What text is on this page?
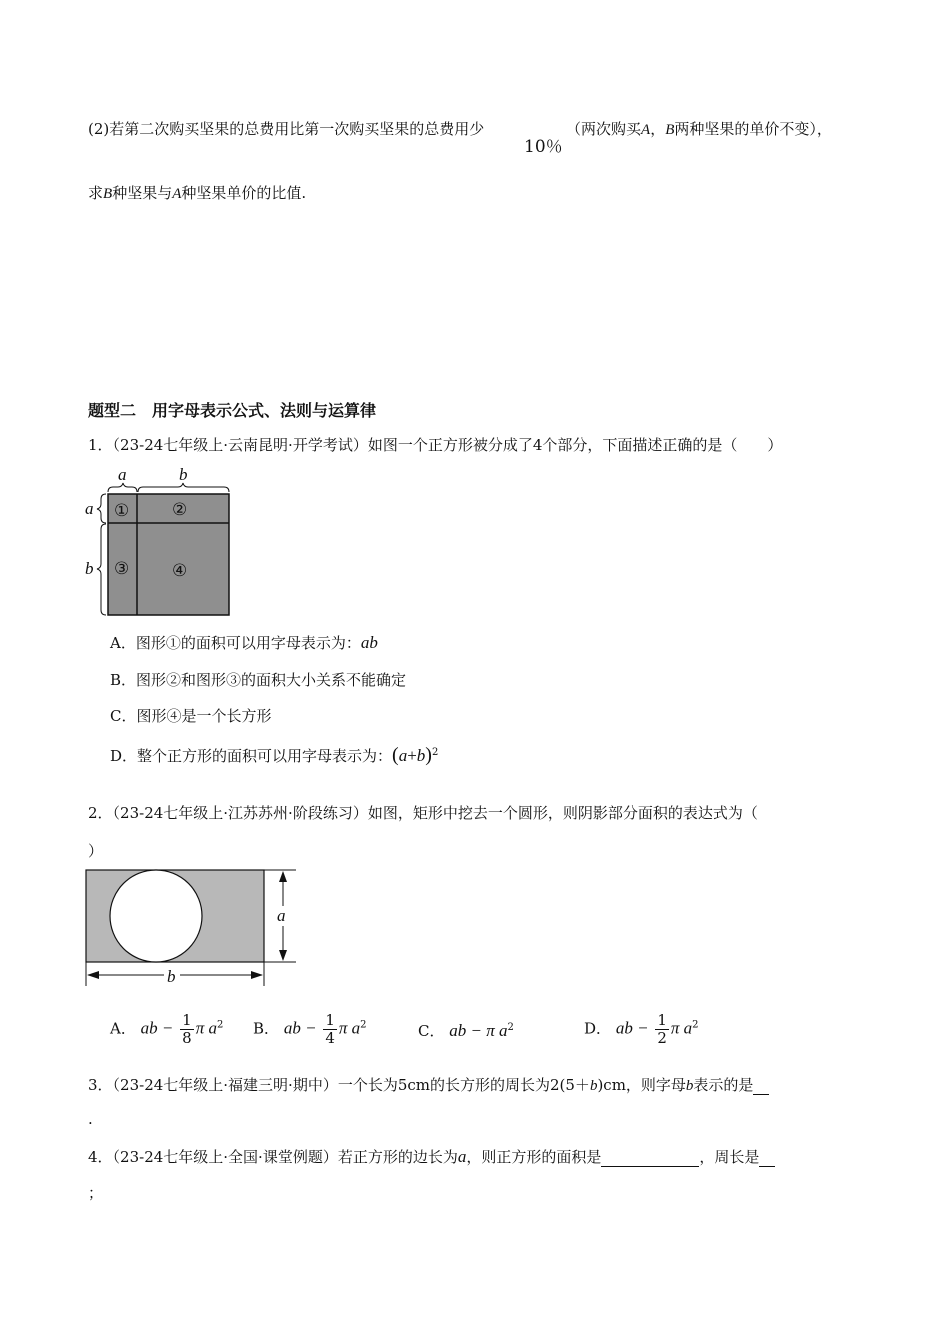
(2)若第二次购买坚果的总费用比第一次购买坚果的总费用少
10％
（两次购买A，B两种坚果的单价不变），
求B种坚果与A种坚果单价的比值.
题型二　用字母表示公式、法则与运算律
1．（23-24七年级上·云南昆明·开学考试）如图一个正方形被分成了4个部分，下面描述正确的是（　　）
a	b
a
b
①	②
③	④
A．图形①的面积可以用字母表示为：ab
B．图形②和图形③的面积大小关系不能确定
C．图形④是一个长方形
D．整个正方形的面积可以用字母表示为：$(a+b)^2$
2．（23-24七年级上·江苏苏州·阶段练习）如图，矩形中挖去一个圆形，则阴影部分面积的表达式为（
）
a
b
A． ab − $\frac{1}{8}$ π $a^2$ B． ab − $\frac{1}{4}$ π $a^2$	C． ab − π $a^2$	D． ab − $\frac{1}{2}$ π $a^2$
3．（23-24七年级上·福建三明·期中）一个长为5cm的长方形的周长为2(5＋b)cm，则字母b表示的是
.
4．（23-24七年级上·全国·课堂例题）若正方形的边长为a，则正方形的面积是	，周长是
；
